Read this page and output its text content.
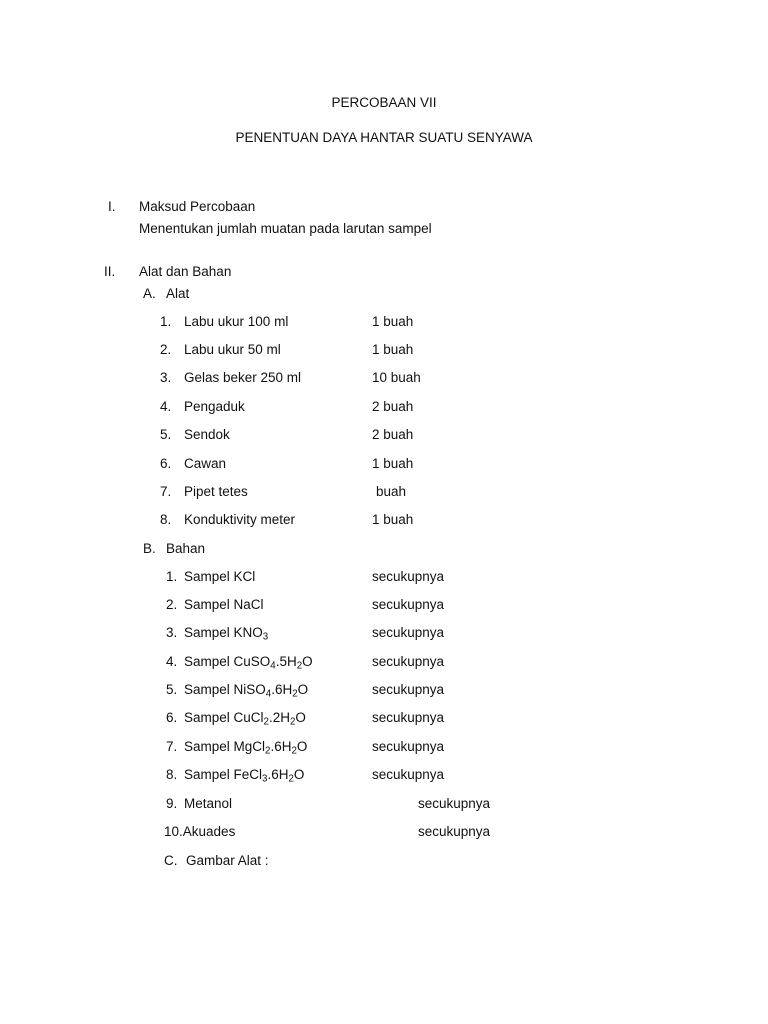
PERCOBAAN VII
PENENTUAN DAYA HANTAR SUATU SENYAWA
I. Maksud Percobaan
Menentukan jumlah muatan pada larutan sampel
II. Alat dan Bahan
A. Alat
1. Labu ukur 100 ml	1 buah
2. Labu ukur 50 ml	1 buah
3. Gelas beker 250 ml	10 buah
4. Pengaduk	2 buah
5. Sendok	2 buah
6. Cawan	1 buah
7. Pipet tetes	buah
8. Konduktivity meter	1 buah
B. Bahan
1. Sampel KCl	secukupnya
2. Sampel NaCl	secukupnya
3. Sampel $KNO_3$	secukupnya
4. Sampel $CuSO_4.5H_2O$	secukupnya
5. Sampel $NiSO_4.6H_2O$	secukupnya
6. Sampel $CuCl_2.2H_2O$	secukupnya
7. Sampel $MgCl_2.6H_2O$	secukupnya
8. Sampel $FeCl_3.6H_2O$	secukupnya
9. Metanol	secukupnya
10.Akuades	secukupnya
C. Gambar Alat :
